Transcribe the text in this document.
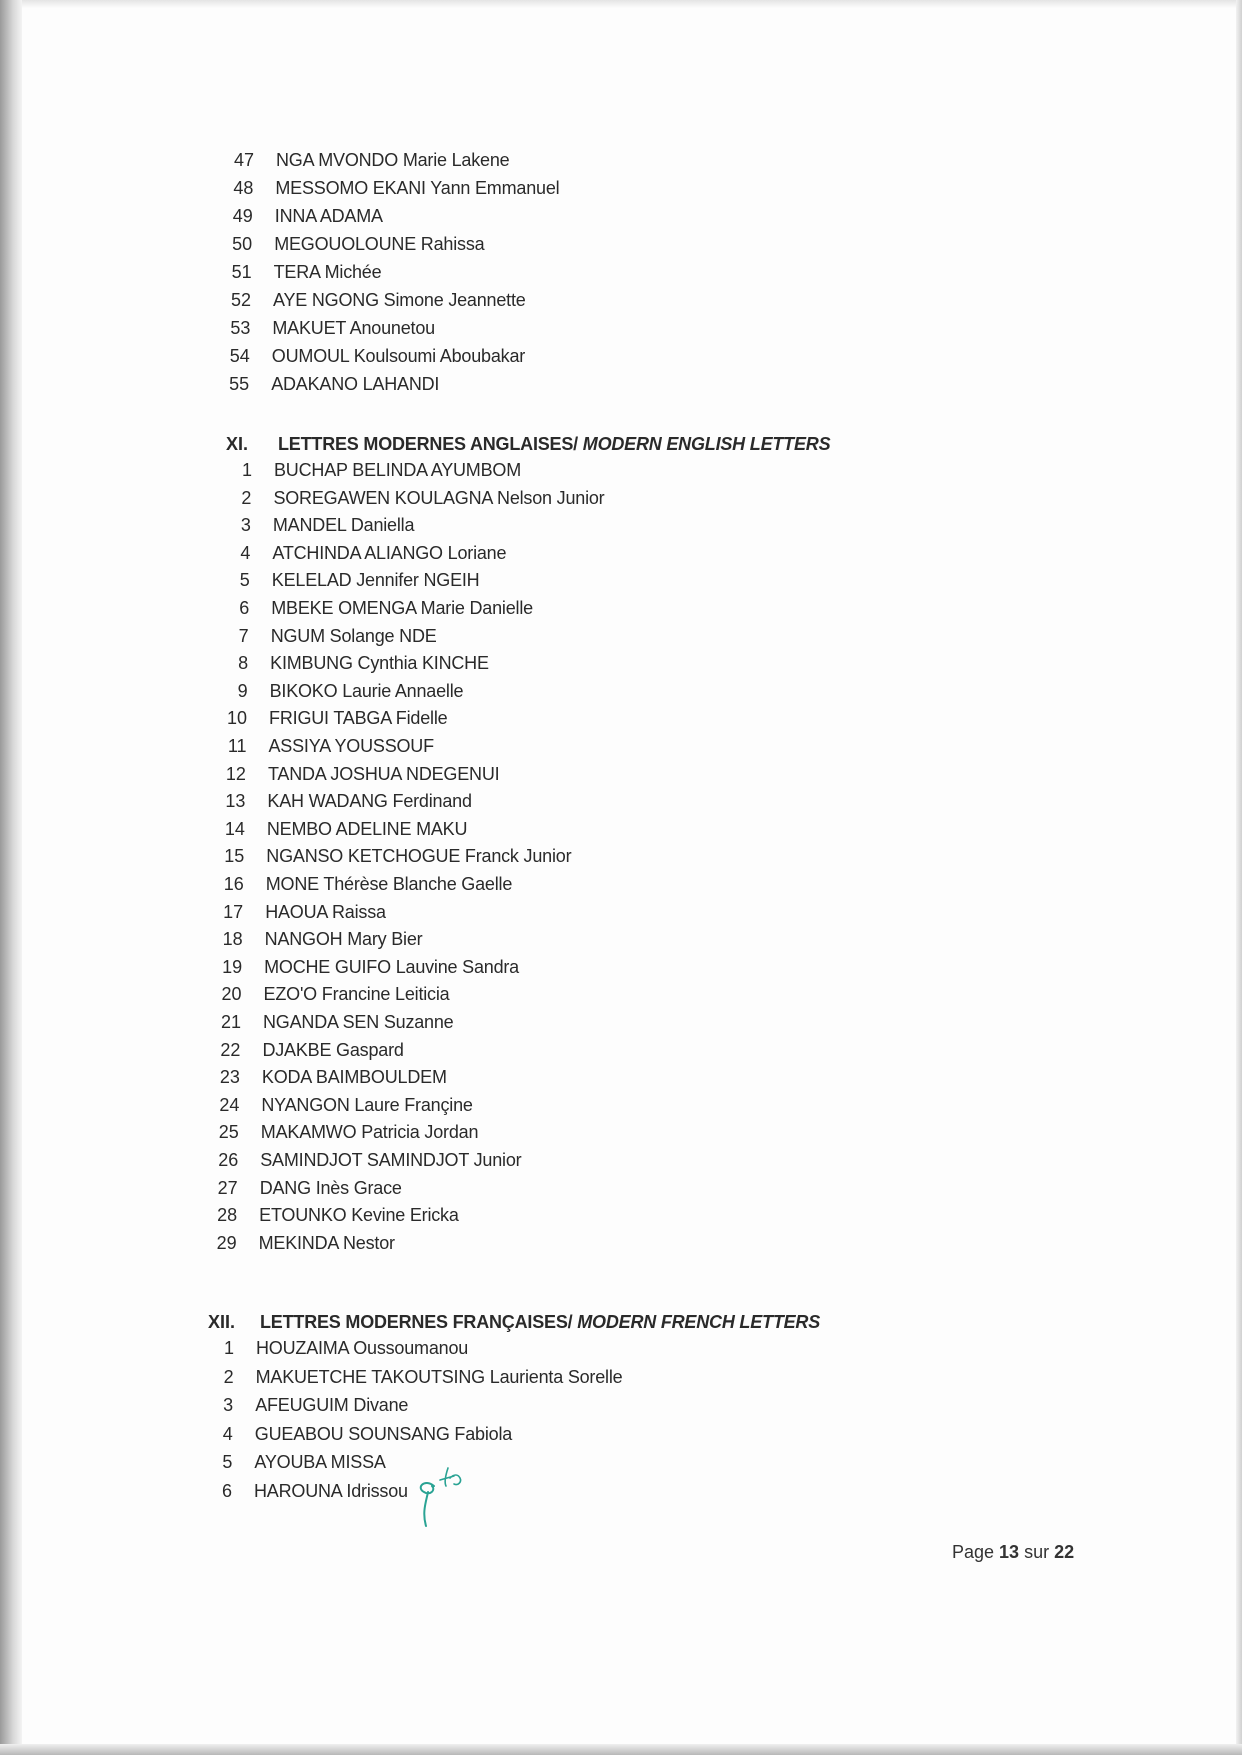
47 NGA MVONDO Marie Lakene
48 MESSOMO EKANI Yann Emmanuel
49 INNA ADAMA
50 MEGOUOLOUNE Rahissa
51 TERA Michée
52 AYE NGONG Simone Jeannette
53 MAKUET Anounetou
54 OUMOUL Koulsoumi Aboubakar
55 ADAKANO LAHANDI
XI.	LETTRES MODERNES ANGLAISES/ MODERN ENGLISH LETTERS
1 BUCHAP BELINDA AYUMBOM
2 SOREGAWEN KOULAGNA Nelson Junior
3 MANDEL Daniella
4 ATCHINDA ALIANGO Loriane
5 KELELAD Jennifer NGEIH
6 MBEKE OMENGA Marie Danielle
7 NGUM Solange NDE
8 KIMBUNG Cynthia KINCHE
9 BIKOKO Laurie Annaelle
10 FRIGUI TABGA Fidelle
11 ASSIYA YOUSSOUF
12 TANDA JOSHUA NDEGENUI
13 KAH WADANG Ferdinand
14 NEMBO ADELINE MAKU
15 NGANSO KETCHOGUE Franck Junior
16 MONE Thérèse Blanche Gaelle
17 HAOUA Raissa
18 NANGOH Mary Bier
19 MOCHE GUIFO Lauvine Sandra
20 EZO'O Francine Leiticia
21 NGANDA SEN Suzanne
22 DJAKBE Gaspard
23 KODA BAIMBOULDEM
24 NYANGON Laure Françine
25 MAKAMWO Patricia Jordan
26 SAMINDJOT SAMINDJOT Junior
27 DANG Inès Grace
28 ETOUNKO Kevine Ericka
29 MEKINDA Nestor
XII.	LETTRES MODERNES FRANÇAISES/ MODERN FRENCH LETTERS
1 HOUZAIMA Oussoumanou
2 MAKUETCHE TAKOUTSING Laurienta Sorelle
3 AFEUGUIM Divane
4 GUEABOU SOUNSANG Fabiola
5 AYOUBA MISSA
6 HAROUNA Idrissou
Page 13 sur 22
